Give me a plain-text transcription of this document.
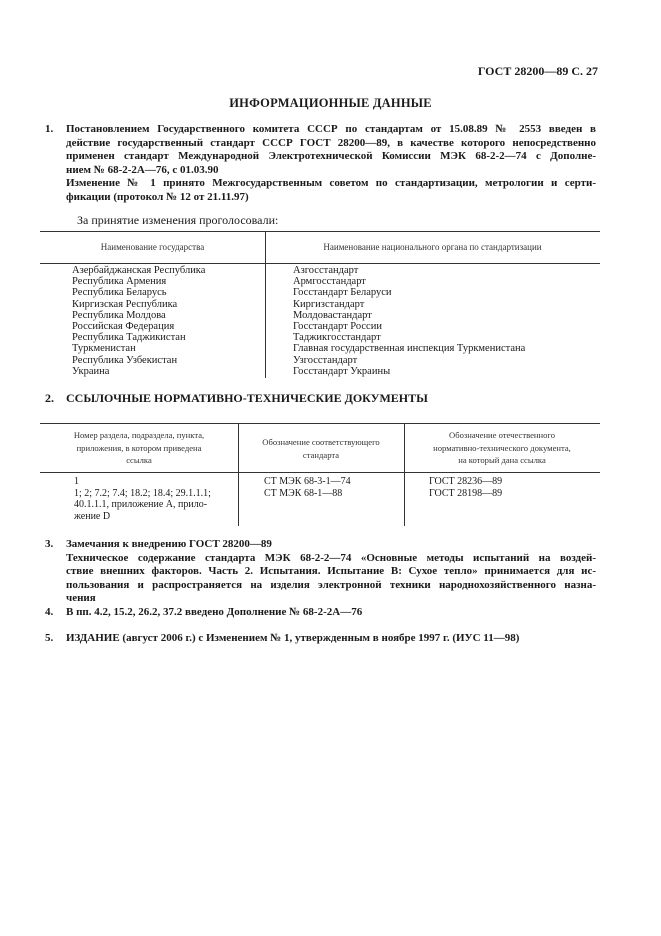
ГОСТ 28200—89 С. 27
ИНФОРМАЦИОННЫЕ ДАННЫЕ
1. Постановлением Государственного комитета СССР по стандартам от 15.08.89 № 2553 введен в
действие государственный стандарт СССР ГОСТ 28200—89, в качестве которого непосредственно
применен стандарт Международной Электротехнической Комиссии МЭК 68-2-2—74 с Дополне-
нием № 68-2-2А—76, с 01.03.90
Изменение № 1 принято Межгосударственным советом по стандартизации, метрологии и серти-
фикации (протокол № 12 от 21.11.97)
За принятие изменения проголосовали:
Наименование государства	Наименование национального органа по стандартизации
Азербайджанская Республика
Республика Армения
Республика Беларусь
Киргизская Республика
Республика Молдова
Российская Федерация
Республика Таджикистан
Туркменистан
Республика Узбекистан
Украина
Азгосстандарт
Армгосстандарт
Госстандарт Беларуси
Киргизстандарт
Молдовастандарт
Госстандарт России
Таджикгосстандарт
Главная государственная инспекция Туркменистана
Узгосстандарт
Госстандарт Украины
2. ССЫЛОЧНЫЕ НОРМАТИВНО-ТЕХНИЧЕСКИЕ ДОКУМЕНТЫ
Номер раздела, подраздела, пункта,
приложения, в котором приведена
ссылка
Обозначение соответствующего
стандарта
Обозначение отечественного
нормативно-технического документа,
на который дана ссылка
1
1; 2; 7.2; 7.4; 18.2; 18.4; 29.1.1.1;
40.1.1.1, приложение А, прило-
жение D
СТ МЭК 68-3-1—74
СТ МЭК 68-1—88
ГОСТ 28236—89
ГОСТ 28198—89
3. Замечания к внедрению ГОСТ 28200—89
Техническое содержание стандарта МЭК 68-2-2—74 «Основные методы испытаний на воздей-
ствие внешних факторов. Часть 2. Испытания. Испытание В: Сухое тепло» принимается для ис-
пользования и распространяется на изделия электронной техники народнохозяйственного назна-
чения
4. В пп. 4.2, 15.2, 26.2, 37.2 введено Дополнение № 68-2-2А—76
5. ИЗДАНИЕ (август 2006 г.) с Изменением № 1, утвержденным в ноябре 1997 г. (ИУС 11—98)
